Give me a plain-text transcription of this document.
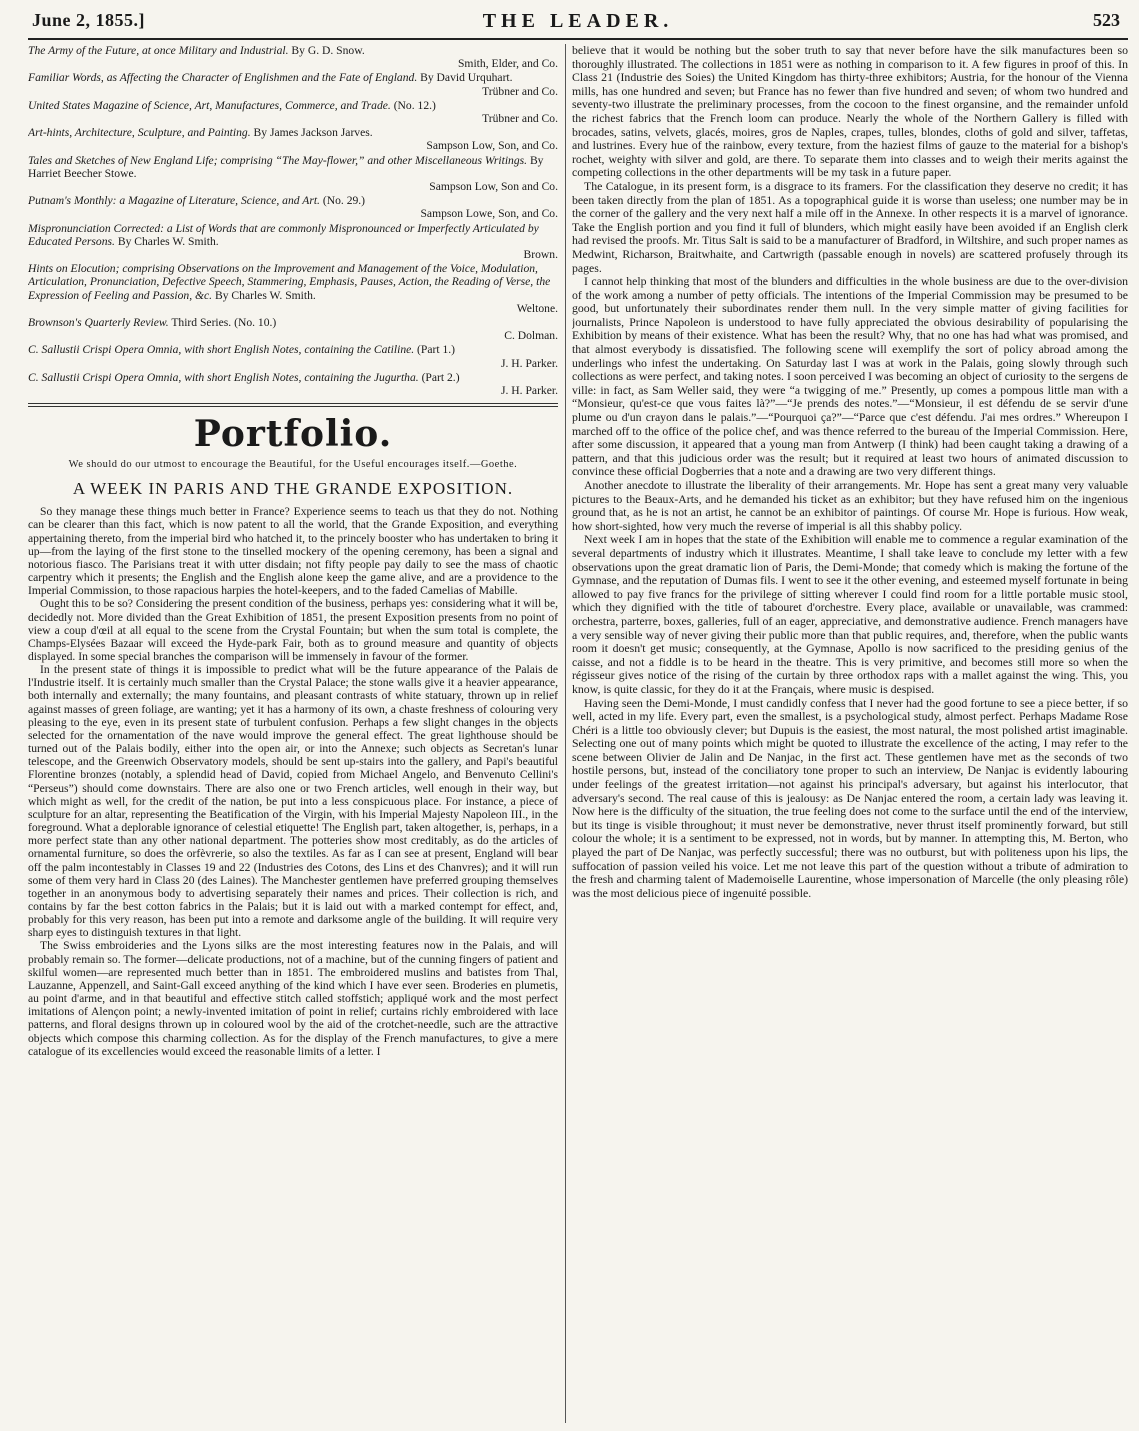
June 2, 1855.]	THE LEADER.	523
The Army of the Future, at once Military and Industrial. By G. D. Snow.
Smith, Elder, and Co.
Familiar Words, as Affecting the Character of Englishmen and the Fate of England. By David Urquhart.
Trübner and Co.
United States Magazine of Science, Art, Manufactures, Commerce, and Trade. (No. 12.)
Trübner and Co.
Art-hints, Architecture, Sculpture, and Painting. By James Jackson Jarves.
Sampson Low, Son, and Co.
Tales and Sketches of New England Life; comprising “The May-flower,” and other Miscellaneous Writings. By Harriet Beecher Stowe.
Sampson Low, Son and Co.
Putnam's Monthly: a Magazine of Literature, Science, and Art. (No. 29.)
Sampson Lowe, Son, and Co.
Mispronunciation Corrected: a List of Words that are commonly Mispronounced or Imperfectly Articulated by Educated Persons. By Charles W. Smith.
Brown.
Hints on Elocution; comprising Observations on the Improvement and Management of the Voice, Modulation, Articulation, Pronunciation, Defective Speech, Stammering, Emphasis, Pauses, Action, the Reading of Verse, the Expression of Feeling and Passion, &c. By Charles W. Smith.
Weltone.
Brownson's Quarterly Review. Third Series. (No. 10.)
C. Dolman.
C. Sallustii Crispi Opera Omnia, with short English Notes, containing the Catiline. (Part 1.)
J. H. Parker.
C. Sallustii Crispi Opera Omnia, with short English Notes, containing the Jugurtha. (Part 2.)
J. H. Parker.
Portfolio.
We should do our utmost to encourage the Beautiful, for the Useful encourages itself.—Goethe.
A WEEK IN PARIS AND THE GRANDE EXPOSITION.

So they manage these things much better in France? Experience seems to teach us that they do not. Nothing can be clearer than this fact, which is now patent to all the world, that the Grande Exposition, and everything appertaining thereto, from the imperial bird who hatched it, to the princely booster who has undertaken to bring it up—from the laying of the first stone to the tinselled mockery of the opening ceremony, has been a signal and notorious fiasco. The Parisians treat it with utter disdain; not fifty people pay daily to see the mass of chaotic carpentry which it presents; the English and the English alone keep the game alive, and are a providence to the Imperial Commission, to those rapacious harpies the hotel-keepers, and to the faded Camelias of Mabille.

Ought this to be so? Considering the present condition of the business, perhaps yes: considering what it will be, decidedly not. More divided than the Great Exhibition of 1851, the present Exposition presents from no point of view a coup d'œil at all equal to the scene from the Crystal Fountain; but when the sum total is complete, the Champs-Elysées Bazaar will exceed the Hyde-park Fair, both as to ground measure and quantity of objects displayed. In some special branches the comparison will be immensely in favour of the former.

In the present state of things it is impossible to predict what will be the future appearance of the Palais de l'Industrie itself. It is certainly much smaller than the Crystal Palace; the stone walls give it a heavier appearance, both internally and externally; the many fountains, and pleasant contrasts of white statuary, thrown up in relief against masses of green foliage, are wanting; yet it has a harmony of its own, a chaste freshness of colouring very pleasing to the eye, even in its present state of turbulent confusion. Perhaps a few slight changes in the objects selected for the ornamentation of the nave would improve the general effect. The great lighthouse should be turned out of the Palais bodily, either into the open air, or into the Annexe; such objects as Secretan's lunar telescope, and the Greenwich Observatory models, should be sent up-stairs into the gallery, and Papi's beautiful Florentine bronzes (notably, a splendid head of David, copied from Michael Angelo, and Benvenuto Cellini's “Perseus”) should come downstairs. There are also one or two French articles, well enough in their way, but which might as well, for the credit of the nation, be put into a less conspicuous place. For instance, a piece of sculpture for an altar, representing the Beatification of the Virgin, with his Imperial Majesty Napoleon III., in the foreground. What a deplorable ignorance of celestial etiquette! The English part, taken altogether, is, perhaps, in a more perfect state than any other national department. The potteries show most creditably, as do the articles of ornamental furniture, so does the orfèvrerie, so also the textiles. As far as I can see at present, England will bear off the palm incontestably in Classes 19 and 22 (Industries des Cotons, des Lins et des Chanvres); and it will run some of them very hard in Class 20 (des Laines). The Manchester gentlemen have preferred grouping themselves together in an anonymous body to advertising separately their names and prices. Their collection is rich, and contains by far the best cotton fabrics in the Palais; but it is laid out with a marked contempt for effect, and, probably for this very reason, has been put into a remote and darksome angle of the building. It will require very sharp eyes to distinguish textures in that light.

The Swiss embroideries and the Lyons silks are the most interesting features now in the Palais, and will probably remain so. The former—delicate productions, not of a machine, but of the cunning fingers of patient and skilful women—are represented much better than in 1851. The embroidered muslins and batistes from Thal, Lauzanne, Appenzell, and Saint-Gall exceed anything of the kind which I have ever seen. Broderies en plumetis, au point d'arme, and in that beautiful and effective stitch called stoffstich; appliqué work and the most perfect imitations of Alençon point; a newly-invented imitation of point in relief; curtains richly embroidered with lace patterns, and floral designs thrown up in coloured wool by the aid of the crotchet-needle, such are the attractive objects which compose this charming collection. As for the display of the French manufactures, to give a mere catalogue of its excellencies would exceed the reasonable limits of a letter. I

believe that it would be nothing but the sober truth to say that never before have the silk manufactures been so thoroughly illustrated. The collections in 1851 were as nothing in comparison to it. A few figures in proof of this. In Class 21 (Industrie des Soies) the United Kingdom has thirty-three exhibitors; Austria, for the honour of the Vienna mills, has one hundred and seven; but France has no fewer than five hundred and seven; of whom two hundred and seventy-two illustrate the preliminary processes, from the cocoon to the finest organsine, and the remainder unfold the richest fabrics that the French loom can produce. Nearly the whole of the Northern Gallery is filled with brocades, satins, velvets, glacés, moires, gros de Naples, crapes, tulles, blondes, cloths of gold and silver, taffetas, and lustrines. Every hue of the rainbow, every texture, from the haziest films of gauze to the material for a bishop's rochet, weighty with silver and gold, are there. To separate them into classes and to weigh their merits against the competing collections in the other departments will be my task in a future paper.

The Catalogue, in its present form, is a disgrace to its framers. For the classification they deserve no credit; it has been taken directly from the plan of 1851. As a topographical guide it is worse than useless; one number may be in the corner of the gallery and the very next half a mile off in the Annexe. In other respects it is a marvel of ignorance. Take the English portion and you find it full of blunders, which might easily have been avoided if an English clerk had revised the proofs. Mr. Titus Salt is said to be a manufacturer of Bradford, in Wiltshire, and such proper names as Medwint, Richarson, Braitwhaite, and Cartwrigth (passable enough in novels) are scattered profusely through its pages.

I cannot help thinking that most of the blunders and difficulties in the whole business are due to the over-division of the work among a number of petty officials. The intentions of the Imperial Commission may be presumed to be good, but unfortunately their subordinates render them null. In the very simple matter of giving facilities for journalists, Prince Napoleon is understood to have fully appreciated the obvious desirability of popularising the Exhibition by means of their existence. What has been the result? Why, that no one has had what was promised, and that almost everybody is dissatisfied. The following scene will exemplify the sort of policy abroad among the underlings who infest the undertaking. On Saturday last I was at work in the Palais, going slowly through such collections as were perfect, and taking notes. I soon perceived I was becoming an object of curiosity to the sergens de ville: in fact, as Sam Weller said, they were “a twigging of me.” Presently, up comes a pompous little man with a “Monsieur, qu'est-ce que vous faites là?”—“Je prends des notes.”—“Monsieur, il est défendu de se servir d'une plume ou d'un crayon dans le palais.”—“Pourquoi ça?”—“Parce que c'est défendu. J'ai mes ordres.” Whereupon I marched off to the office of the police chef, and was thence referred to the bureau of the Imperial Commission. Here, after some discussion, it appeared that a young man from Antwerp (I think) had been caught taking a drawing of a pattern, and that this judicious order was the result; but it required at least two hours of animated discussion to convince these official Dogberries that a note and a drawing are two very different things.

Another anecdote to illustrate the liberality of their arrangements. Mr. Hope has sent a great many very valuable pictures to the Beaux-Arts, and he demanded his ticket as an exhibitor; but they have refused him on the ingenious ground that, as he is not an artist, he cannot be an exhibitor of paintings. Of course Mr. Hope is furious. How weak, how short-sighted, how very much the reverse of imperial is all this shabby policy.

Next week I am in hopes that the state of the Exhibition will enable me to commence a regular examination of the several departments of industry which it illustrates. Meantime, I shall take leave to conclude my letter with a few observations upon the great dramatic lion of Paris, the Demi-Monde; that comedy which is making the fortune of the Gymnase, and the reputation of Dumas fils. I went to see it the other evening, and esteemed myself fortunate in being allowed to pay five francs for the privilege of sitting wherever I could find room for a little portable music stool, which they dignified with the title of tabouret d'orchestre. Every place, available or unavailable, was crammed: orchestra, parterre, boxes, galleries, full of an eager, appreciative, and demonstrative audience. French managers have a very sensible way of never giving their public more than that public requires, and, therefore, when the public wants room it doesn't get music; consequently, at the Gymnase, Apollo is now sacrificed to the presiding genius of the caisse, and not a fiddle is to be heard in the theatre. This is very primitive, and becomes still more so when the régisseur gives notice of the rising of the curtain by three orthodox raps with a mallet against the wing. This, you know, is quite classic, for they do it at the Français, where music is despised.

Having seen the Demi-Monde, I must candidly confess that I never had the good fortune to see a piece better, if so well, acted in my life. Every part, even the smallest, is a psychological study, almost perfect. Perhaps Madame Rose Chéri is a little too obviously clever; but Dupuis is the easiest, the most natural, the most polished artist imaginable. Selecting one out of many points which might be quoted to illustrate the excellence of the acting, I may refer to the scene between Olivier de Jalin and De Nanjac, in the first act. These gentlemen have met as the seconds of two hostile persons, but, instead of the conciliatory tone proper to such an interview, De Nanjac is evidently labouring under feelings of the greatest irritation—not against his principal's adversary, but against his interlocutor, that adversary's second. The real cause of this is jealousy: as De Nanjac entered the room, a certain lady was leaving it. Now here is the difficulty of the situation, the true feeling does not come to the surface until the end of the interview, but its tinge is visible throughout; it must never be demonstrative, never thrust itself prominently forward, but still colour the whole; it is a sentiment to be expressed, not in words, but by manner. In attempting this, M. Berton, who played the part of De Nanjac, was perfectly successful; there was no outburst, but with politeness upon his lips, the suffocation of passion veiled his voice. Let me not leave this part of the question without a tribute of admiration to the fresh and charming talent of Mademoiselle Laurentine, whose impersonation of Marcelle (the only pleasing rôle) was the most delicious piece of ingenuité possible.
